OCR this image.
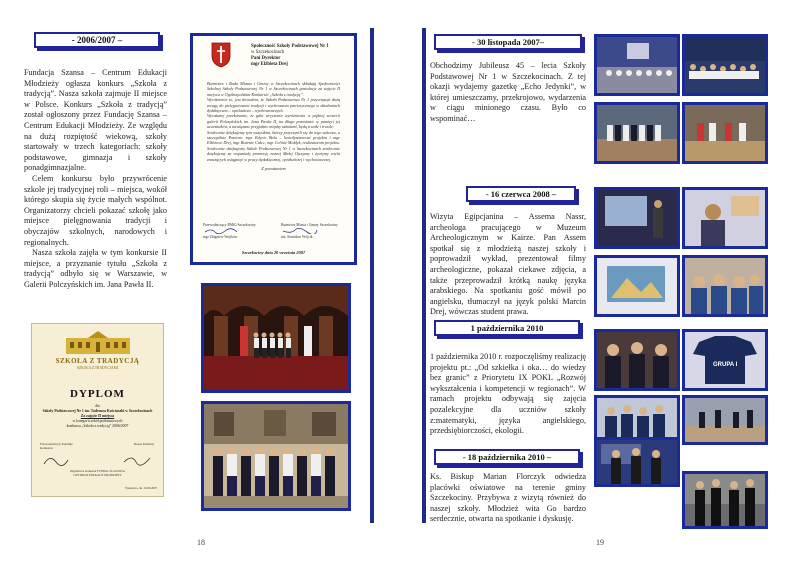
- 2006/2007 –

Fundacja Szansa – Centrum Edukacji Młodzieży ogłasza konkurs „Szkoła z tradycją”. Nasza szkoła zajmuje II miejsce w Polsce. Konkurs „Szkoła z tradycją” został ogłoszony przez Fundację Szansa – Centrum Edukacji Młodzieży. Ze względu na dużą rozpiętość wiekową, szkoły startowały w trzech kategoriach: szkoły podstawowe, gimnazja i szkoły ponadgimnazjalne.

Celem konkursu było przywrócenie szkole jej tradycyjnej roli – miejsca, wokół którego skupia się życie małych wspólnot. Organizatorzy chcieli pokazać szkołę jako miejsce pielęgnowania tradycji i obyczajów szkolnych, narodowych i regionalnych.

Nasza szkoła zajęła w tym konkursie II miejsce, a przyznanie tytułu „Szkoła z tradycją” odbyło się w Warszawie, w Galerii Polczyńskich im. Jana Pawła II.

Społeczność Szkoły Podstawowej Nr 1
w Szczekocinach
Pani Dyrektor
mgr Elżbieta Drej
Burmistrz i Rada Miasta i Gminy w Szczekocinach składają Społeczności Szkolnej Szkoły Podstawowej Nr 1 w Szczekocinach gratulacje za zajęcie II miejsca w Ogólnopolskim Konkursie „Szkoła z tradycją”.
Wyróżnienie to, jest dowodem, że Szkoła Podstawowa Nr 1 przywiązuje dużą uwagę do pielęgnowania tradycji i wychowania patriotycznego w działaniach dydaktyczno – opiekuńczo – wychowawczych.
Wyrażamy przekonanie, że gala wręczenia wyróżnienia w pięknej scenerii galerii Polczyńskich im. Jana Pawła II, na długo pozostanie w pamięci jej uczestników, a nawiązane przyjaźnie między szkołami, będą trwałe i trwale.
Serdecznie dziękujemy tym wszystkim, którzy przyczynili się do tego sukcesu, a szczególnie Paniom: mgr Edycie Bala – koordynatorowi projektu i mgr Elżbiecie Drej, mgr Bożenie Całce, mgr Celinie Mołdyk, realizatorom projektu.
Serdecznie dziękujemy Szkole Podstawowej Nr 1 w Szczekocinach serdecznie dziękujemy za wspaniałą promocję naszej Małej Ojczyzny i życzymy wielu znaczących osiągnięć w pracy dydaktycznej, opiekuńczej i wychowawczej.
Z poważaniem
Przewodniczący RMiG Szczekociny
mgr Zbigniew Wojtków
Burmistrz Miasta i Gminy Szczekociny
inż. Stanisław Wójcik
Szczekociny dnia 20 września 2007
SZKOŁA Z TRADYCJĄ
SZKOŁA Z TRADYCJAMI
DYPLOM
dla
Szkoły Podstawowej Nr 1 im. Tadeusza Kościuszki w Szczekocinach
Za zajęcie II miejsca
w kategorii szkół podstawowych
konkursu „Szkoła z tradycją” 2006/2007
Przewodniczący Kapituły Konkursu
Prezes Fundacji
Organizator konkursu FUNDACJA SZANSA CENTRUM EDUKACJI MŁODZIEŻY
Warszawa, dn. 19.09.2007
18
- 30 listopada 2007–

Obchodzimy Jubileusz 45 – lecia Szkoły Podstawowej Nr 1 w Szczekocinach. Z tej okazji wydajemy gazetkę „Echo Jedynki”, w której umieszczamy, przekrojowo, wydarzenia w ciągu minionego czasu. Było co wspominać…

- 16 czerwca 2008 –

Wizyta Egipcjanina – Assema Nassr, archeologa pracującego w Muzeum Archeologicznym w Kairze. Pan Assem spotkał się z młodzieżą naszej szkoły i poprowadził wykład, prezentował filmy archeologiczne, pokazał ciekawe zdjęcia, a także przeprowadził krótką naukę języka arabskiego. Na spotkaniu gość mówił po angielsku, tłumaczył na język polski Marcin Drej, wówczas student prawa.

1 października 2010

1 października 2010 r. rozpoczęliśmy realizację projektu pt.: „Od szkiełka i oka… do wiedzy bez granic” z Priorytetu IX POKL „Rozwój wykształcenia i kompetencji w regionach”. W ramach projektu odbywają się zajęcia pozalekcyjne dla uczniów szkoły z:matematyki, języka angielskiego, przedsiębiorczości, ekologii.

- 18 października 2010 –

Ks. Biskup Marian Florczyk odwiedza placówki oświatowe na terenie gminy Szczekociny. Przybywa z wizytą również do naszej szkoły. Młodzież wita Go bardzo serdecznie, otwarta na spotkanie i dyskusję.

GRUPA I
19
